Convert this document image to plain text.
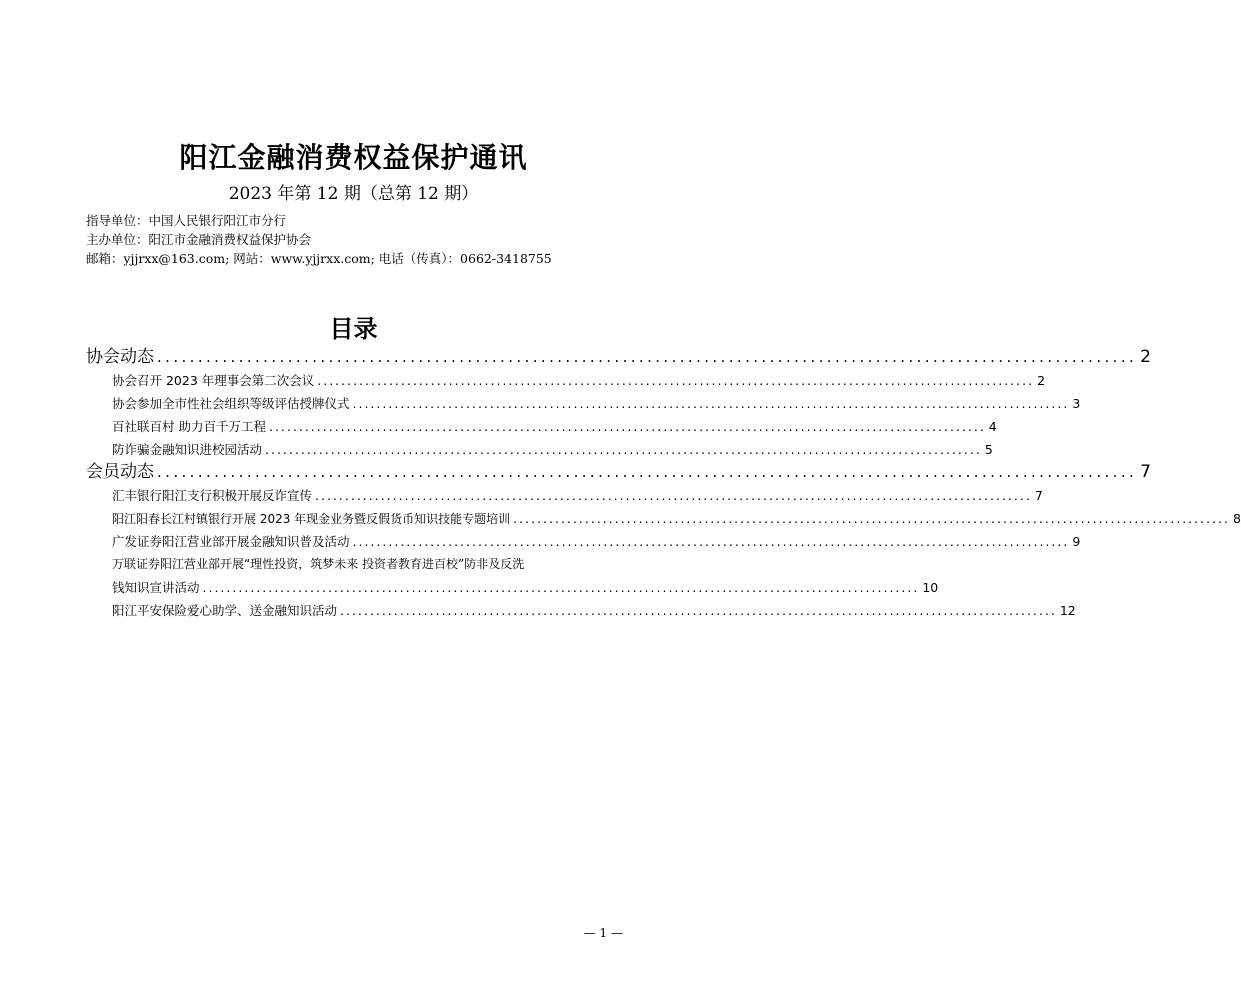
阳江金融消费权益保护通讯
2023 年第 12 期（总第 12 期）
指导单位：中国人民银行阳江市分行
主办单位：阳江市金融消费权益保护协会
邮箱：yjjrxx@163.com; 网站：www.yjjrxx.com; 电话（传真）：0662-3418755
目录
协会动态 ........................................................................................................................ 2
协会召开 2023 年理事会第二次会议 ........................................................................................................................ 2
协会参加全市性社会组织等级评估授牌仪式 ........................................................................................................................ 3
百社联百村 助力百千万工程 ........................................................................................................................ 4
防诈骗金融知识进校园活动 ........................................................................................................................ 5
会员动态 ........................................................................................................................ 7
汇丰银行阳江支行积极开展反诈宣传 ........................................................................................................................ 7
阳江阳春长江村镇银行开展 2023 年现金业务暨反假货币知识技能专题培训 ........................................................................................................................ 8
广发证券阳江营业部开展金融知识普及活动 ........................................................................................................................ 9
万联证券阳江营业部开展“理性投资，筑梦未来 投资者教育进百校”防非及反洗
钱知识宣讲活动 ........................................................................................................................ 10
阳江平安保险爱心助学、送金融知识活动 ........................................................................................................................ 12
— 1 —
